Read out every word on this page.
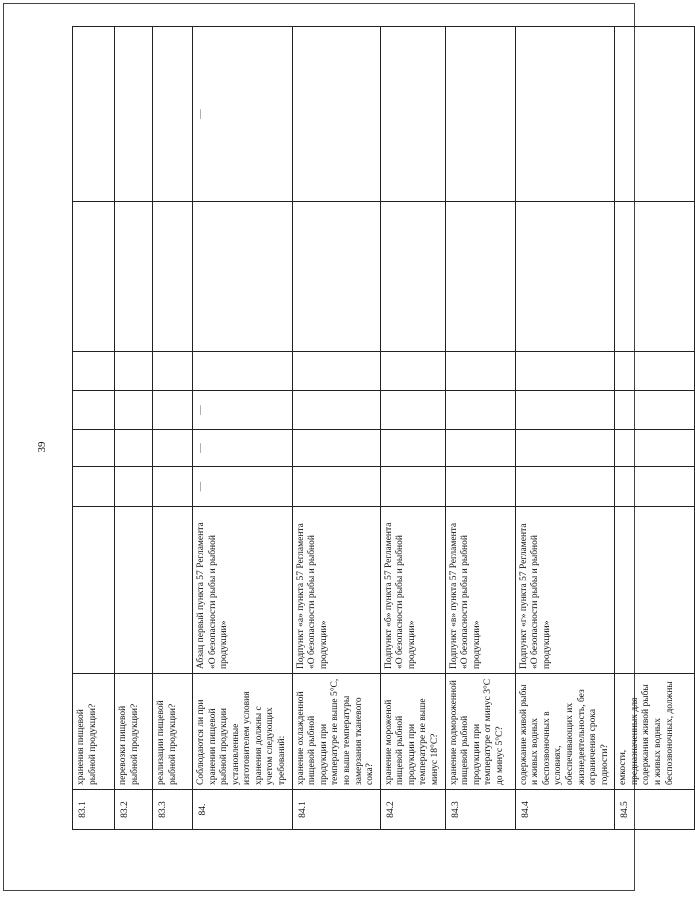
39
83.1	хранения пищевой рыбной продукции?							
83.2	перевозки пищевой рыбной продукции?							
83.3	реализации пищевой рыбной продукции?							
84.	Соблюдаются ли при хранении пищевой рыбной продукции установленные изготовителем условия хранения должны с учетом следующих требований:	Абзац первый пункта 57 Регламента «О безопасности рыбы и рыбной продукции»	—	—	—			—
84.1	хранение охлажденной пищевой рыбной продукции при температуре не выше 5°С, но выше температуры замерзания тканевого сока?	Подпункт «а» пункта 57 Регламента «О безопасности рыбы и рыбной продукции»						
84.2	хранение мороженой пищевой рыбной продукции при температуре не выше минус 18°С?	Подпункт «б» пункта 57 Регламента «О безопасности рыбы и рыбной продукции»						
84.3	хранение подмороженной пищевой рыбной продукции при температуре от минус 3°С до минус 5°С?	Подпункт «в» пункта 57 Регламента «О безопасности рыбы и рыбной продукции»						
84.4	содержание живой рыбы и живых водных беспозвоночных в условиях, обеспечивающих их жизнедеятельность, без ограничения срока годности?	Подпункт «г» пункта 57 Регламента «О безопасности рыбы и рыбной продукции»						
84.5	емкости, предназначенных для содержания живой рыбы и живых водных беспозвоночных, должны							
